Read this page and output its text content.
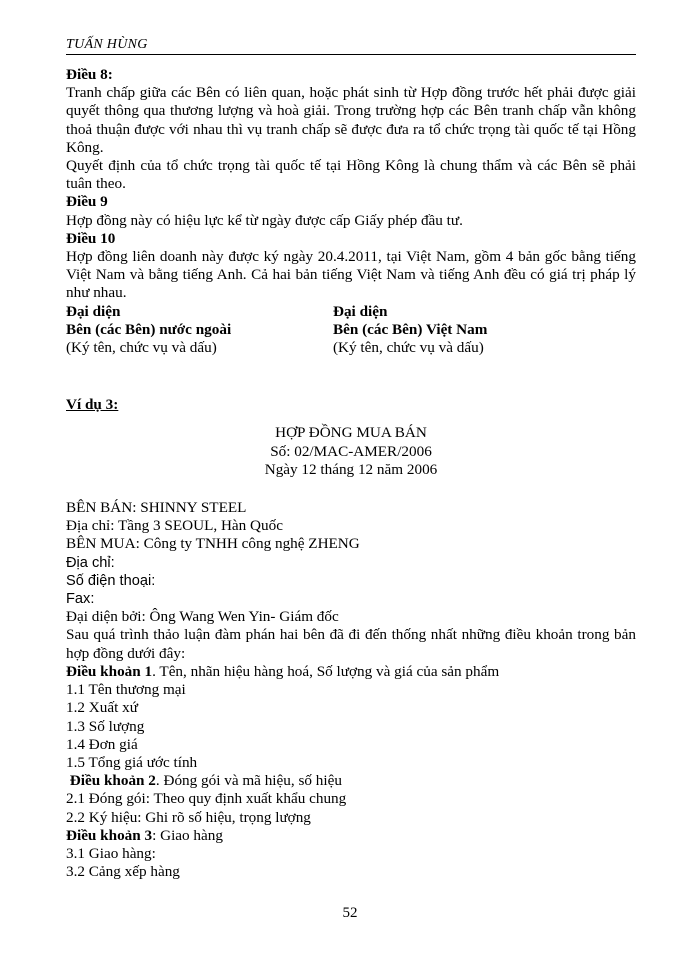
TUẤN HÙNG

Điều 8:

Tranh chấp giữa các Bên có liên quan, hoặc phát sinh từ Hợp đồng trước hết phải được giải quyết thông qua thương lượng và hoà giải. Trong trường hợp các Bên tranh chấp vẫn không thoả thuận được với nhau thì vụ tranh chấp sẽ được đưa ra tổ chức trọng tài quốc tế tại Hồng Kông.

Quyết định của tổ chức trọng tài quốc tế tại Hồng Kông là chung thẩm và các Bên sẽ phải tuân theo.

Điều 9

Hợp đồng này có hiệu lực kể từ ngày được cấp Giấy phép đầu tư.

Điều 10

Hợp đồng liên doanh này được ký ngày 20.4.2011, tại Việt Nam, gồm 4 bản gốc bằng tiếng Việt Nam và bằng tiếng Anh. Cả hai bản tiếng Việt Nam và tiếng Anh đều có giá trị pháp lý như nhau.

Đại diện

Bên (các Bên) nước ngoài

(Ký tên, chức vụ và dấu)

Đại diện

Bên (các Bên) Việt Nam

(Ký tên, chức vụ và dấu)

Ví dụ 3:

HỢP ĐỒNG MUA BÁN

Số: 02/MAC-AMER/2006

Ngày 12 tháng 12 năm 2006

BÊN BÁN: SHINNY STEEL

Địa chỉ: Tầng 3 SEOUL, Hàn Quốc

BÊN MUA: Công ty TNHH công nghệ ZHENG

Địa chỉ:

Số điện thoại:

Fax:

Đại diện bởi: Ông Wang Wen Yin- Giám đốc

Sau quá trình thảo luận đàm phán hai bên đã đi đến thống nhất những điều khoản trong bản hợp đồng dưới đây:

Điều khoản 1. Tên, nhãn hiệu hàng hoá, Số lượng và giá của sản phẩm

1.1 Tên thương mại

1.2 Xuất xứ

1.3 Số lượng

1.4 Đơn giá

1.5 Tổng giá ước tính

Điều khoản 2. Đóng gói và mã hiệu, số hiệu

2.1 Đóng gói: Theo quy định xuất khẩu chung

2.2 Ký hiệu: Ghi rõ số hiệu, trọng lượng

Điều khoản 3: Giao hàng

3.1 Giao hàng:

3.2 Cảng xếp hàng

52
